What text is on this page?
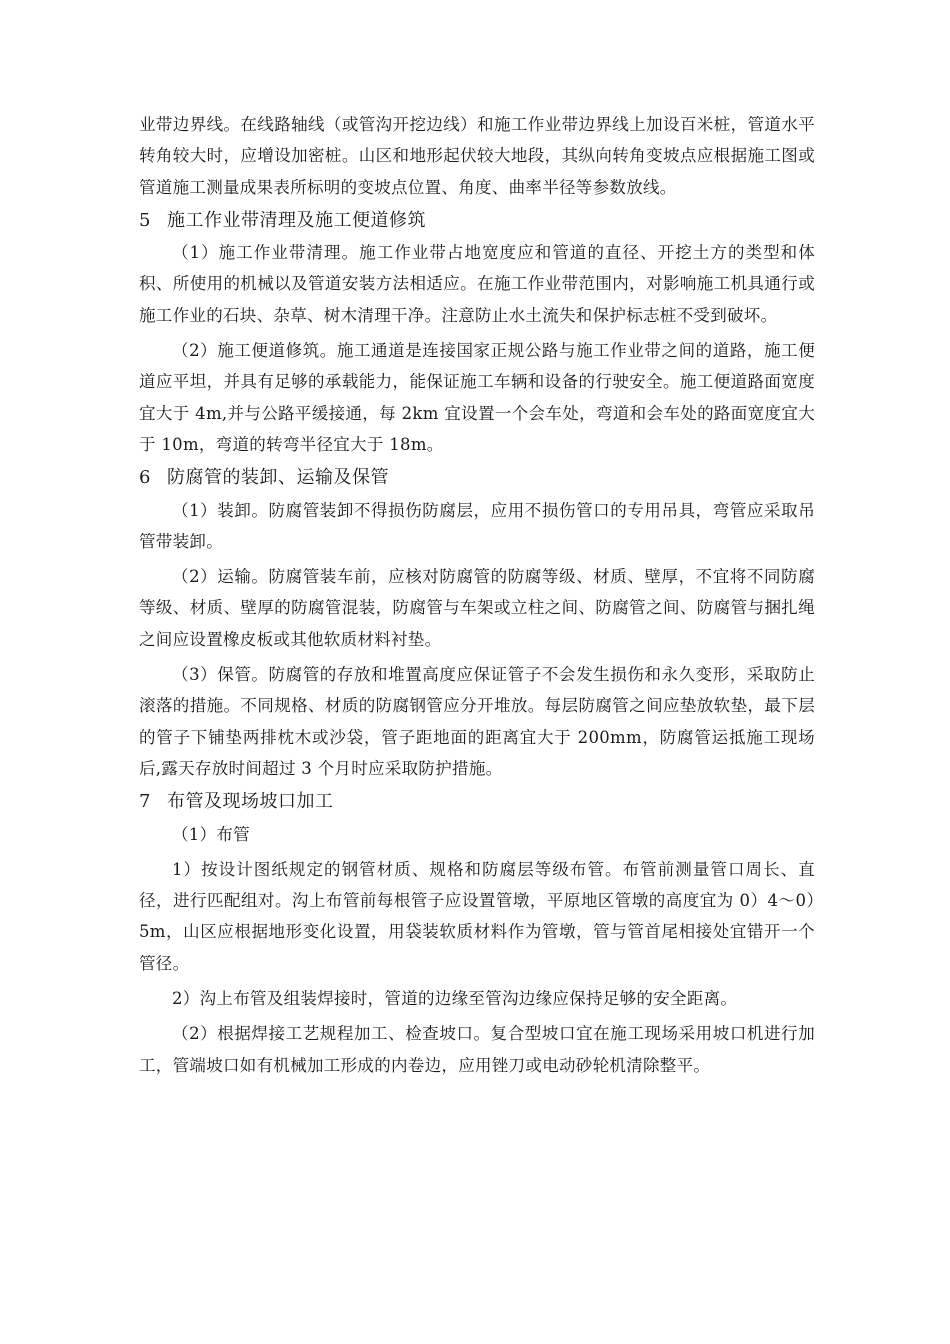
业带边界线。在线路轴线（或管沟开挖边线）和施工作业带边界线上加设百米桩，管道水平转角较大时，应增设加密桩。山区和地形起伏较大地段，其纵向转角变坡点应根据施工图或管道施工测量成果表所标明的变坡点位置、角度、曲率半径等参数放线。

5 施工作业带清理及施工便道修筑

（1）施工作业带清理。施工作业带占地宽度应和管道的直径、开挖土方的类型和体积、所使用的机械以及管道安装方法相适应。在施工作业带范围内，对影响施工机具通行或施工作业的石块、杂草、树木清理干净。注意防止水土流失和保护标志桩不受到破坏。

（2）施工便道修筑。施工通道是连接国家正规公路与施工作业带之间的道路，施工便道应平坦，并具有足够的承载能力，能保证施工车辆和设备的行驶安全。施工便道路面宽度宜大于 4m,并与公路平缓接通，每 2km 宜设置一个会车处，弯道和会车处的路面宽度宜大于 10m，弯道的转弯半径宜大于 18m。

6 防腐管的装卸、运输及保管

（1）装卸。防腐管装卸不得损伤防腐层，应用不损伤管口的专用吊具，弯管应采取吊管带装卸。

（2）运输。防腐管装车前，应核对防腐管的防腐等级、材质、壁厚，不宜将不同防腐等级、材质、壁厚的防腐管混装，防腐管与车架或立柱之间、防腐管之间、防腐管与捆扎绳之间应设置橡皮板或其他软质材料衬垫。

（3）保管。防腐管的存放和堆置高度应保证管子不会发生损伤和永久变形，采取防止滚落的措施。不同规格、材质的防腐钢管应分开堆放。每层防腐管之间应垫放软垫，最下层的管子下铺垫两排枕木或沙袋，管子距地面的距离宜大于 200mm，防腐管运抵施工现场后,露天存放时间超过 3 个月时应采取防护措施。

7 布管及现场坡口加工

（1）布管

1）按设计图纸规定的钢管材质、规格和防腐层等级布管。布管前测量管口周长、直径，进行匹配组对。沟上布管前每根管子应设置管墩，平原地区管墩的高度宜为 0）4～0）5m，山区应根据地形变化设置，用袋装软质材料作为管墩，管与管首尾相接处宜错开一个管径。

2）沟上布管及组装焊接时，管道的边缘至管沟边缘应保持足够的安全距离。

（2）根据焊接工艺规程加工、检查坡口。复合型坡口宜在施工现场采用坡口机进行加工，管端坡口如有机械加工形成的内卷边，应用锉刀或电动砂轮机清除整平。
